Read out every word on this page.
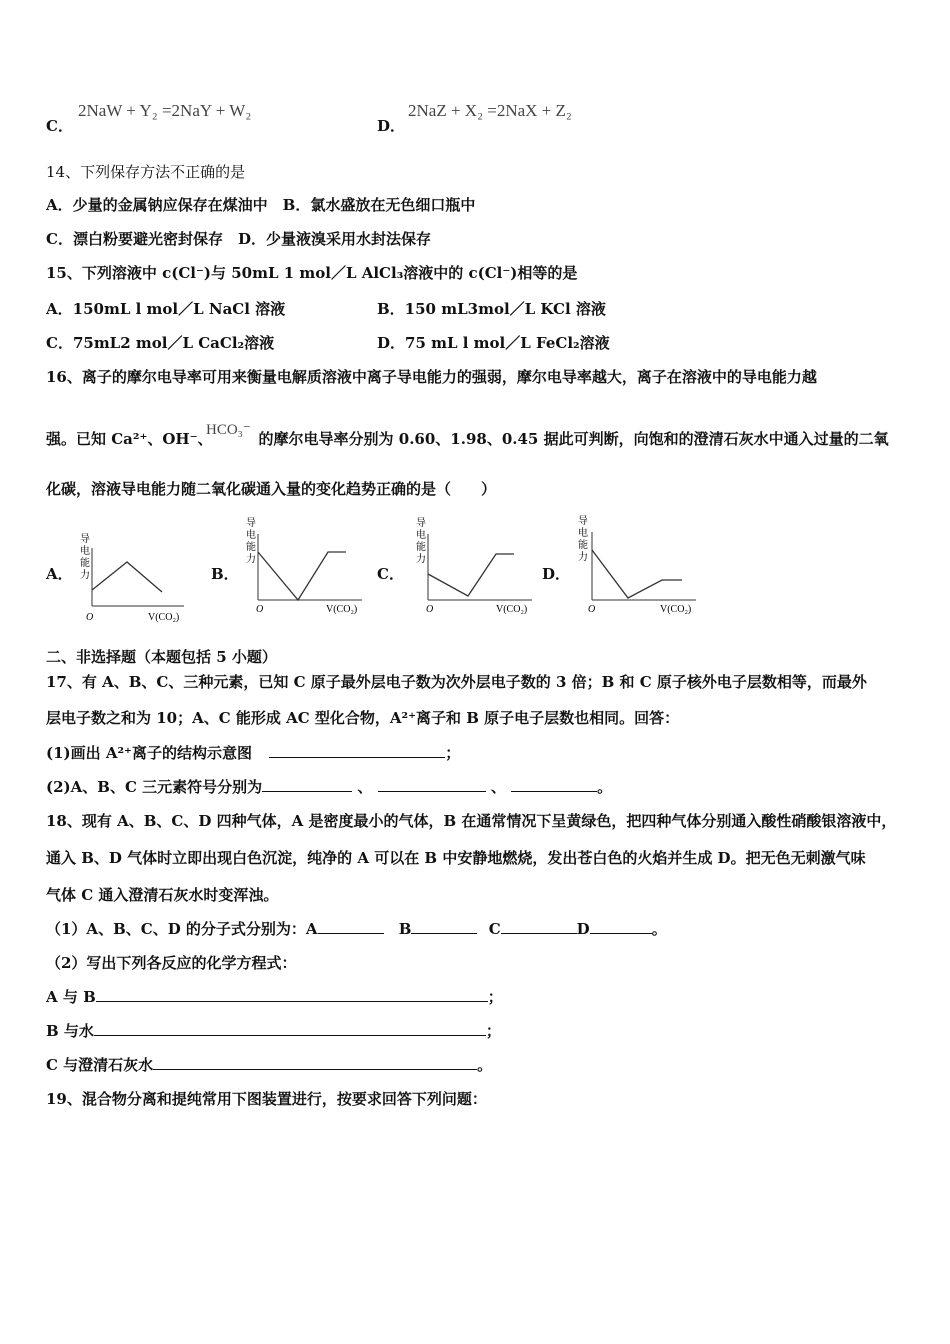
C．
2NaW + Y₂ =2NaY + W₂
D．
2NaZ + X₂ =2NaX + Z₂
14、下列保存方法不正确的是
A．少量的金属钠应保存在煤油中　B．氯水盛放在无色细口瓶中
C．漂白粉要避光密封保存　D．少量液溴采用水封法保存
15、下列溶液中 c(Cl⁻)与 50mL 1 mol／L AlCl₃溶液中的 c(Cl⁻)相等的是
A．150mL l mol／L NaCl 溶液	B．150 mL3mol／L KCl 溶液
C．75mL2 mol／L CaCl₂溶液	D．75 mL l mol／L FeCl₂溶液
16、离子的摩尔电导率可用来衡量电解质溶液中离子导电能力的强弱，摩尔电导率越大，离子在溶液中的导电能力越
强。已知 Ca²⁺、OH⁻、	的摩尔电导率分别为 0.60、1.98、0.45 据此可判断，向饱和的澄清石灰水中通入过量的二氧
HCO₃⁻
化碳，溶液导电能力随二氧化碳通入量的变化趋势正确的是（　　）
A．	B．	C．	D．
导
电
能
力
O	V(CO₂)
导
电
能
力
O	V(CO₂)
导
电
能
力
O	V(CO₂)
导
电
能
力
O	V(CO₂)
二、非选择题（本题包括 5 小题）
17、有 A、B、C、三种元素，已知 C 原子最外层电子数为次外层电子数的 3 倍；B 和 C 原子核外电子层数相等，而最外
层电子数之和为 10；A、C 能形成 AC 型化合物，A²⁺离子和 B 原子电子层数也相同。回答：
(1)画出 A²⁺离子的结构示意图	；
(2)A、B、C 三元素符号分别为	、	、	。
18、现有 A、B、C、D 四种气体，A 是密度最小的气体，B 在通常情况下呈黄绿色，把四种气体分别通入酸性硝酸银溶液中，
通入 B、D 气体时立即出现白色沉淀，纯净的 A 可以在 B 中安静地燃烧，发出苍白色的火焰并生成 D。把无色无刺激气味
气体 C 通入澄清石灰水时变浑浊。
（1）A、B、C、D 的分子式分别为：A	B	C	D	。
（2）写出下列各反应的化学方程式：
A 与 B	；
B 与水	；
C 与澄清石灰水	。
19、混合物分离和提纯常用下图装置进行，按要求回答下列问题：
